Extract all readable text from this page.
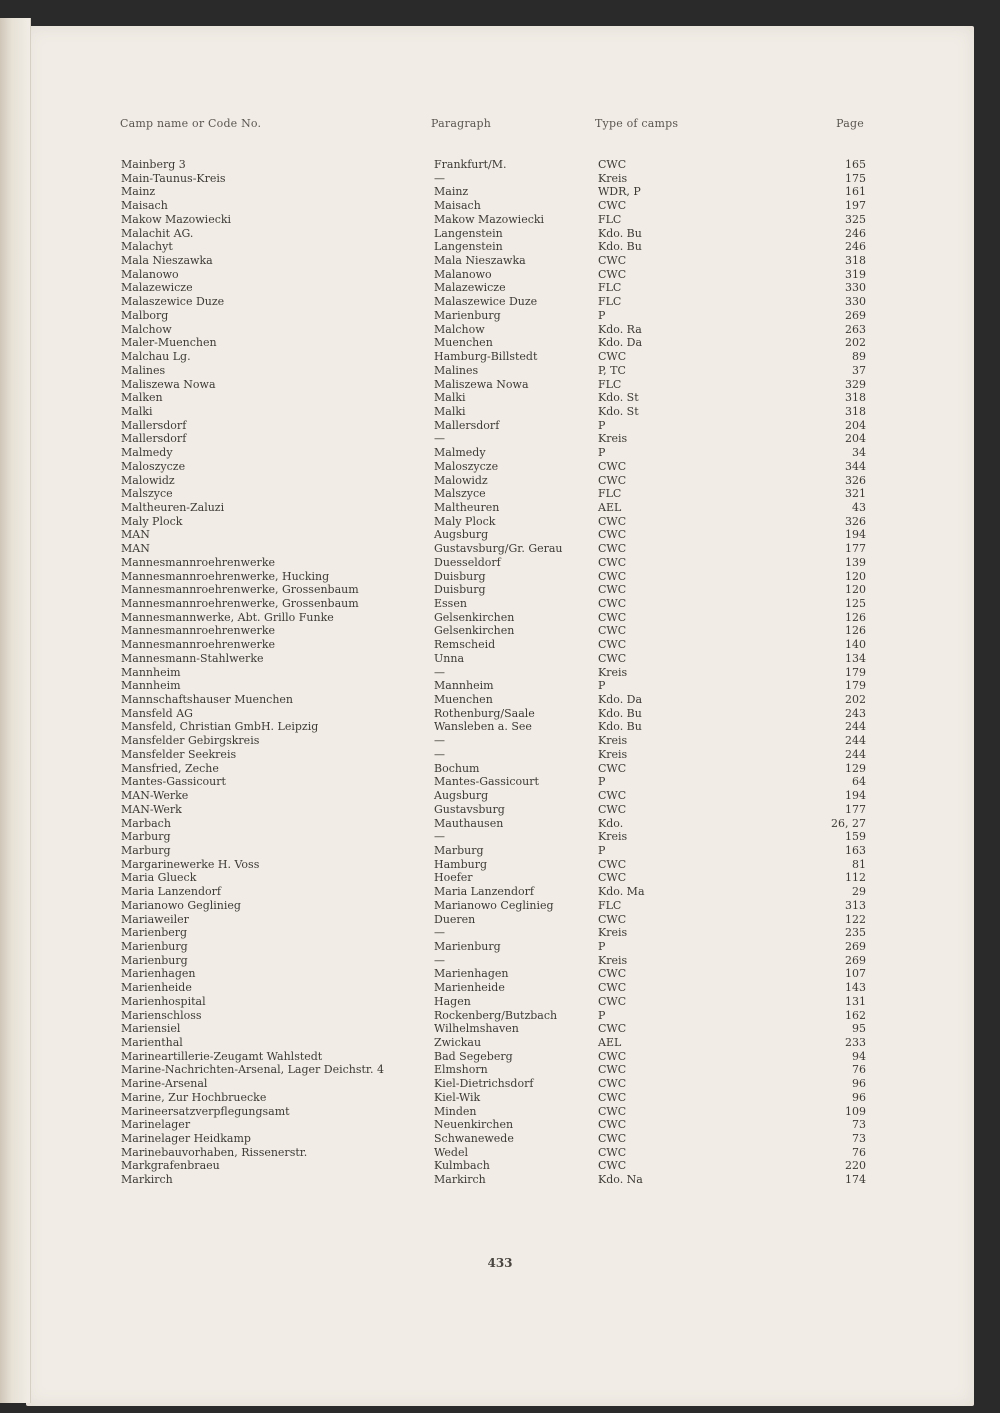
Camp name or Code No.	Paragraph	Type of camps	Page
Mainberg 3	Frankfurt/M.	CWC	165
Main-Taunus-Kreis	—	Kreis	175
Mainz	Mainz	WDR, P	161
Maisach	Maisach	CWC	197
Makow Mazowiecki	Makow Mazowiecki	FLC	325
Malachit AG.	Langenstein	Kdo. Bu	246
Malachyt	Langenstein	Kdo. Bu	246
Mala Nieszawka	Mala Nieszawka	CWC	318
Malanowo	Malanowo	CWC	319
Malazewicze	Malazewicze	FLC	330
Malaszewice Duze	Malaszewice Duze	FLC	330
Malborg	Marienburg	P	269
Malchow	Malchow	Kdo. Ra	263
Maler-Muenchen	Muenchen	Kdo. Da	202
Malchau Lg.	Hamburg-Billstedt	CWC	89
Malines	Malines	P, TC	37
Maliszewa Nowa	Maliszewa Nowa	FLC	329
Malken	Malki	Kdo. St	318
Malki	Malki	Kdo. St	318
Mallersdorf	Mallersdorf	P	204
Mallersdorf	—	Kreis	204
Malmedy	Malmedy	P	34
Maloszycze	Maloszycze	CWC	344
Malowidz	Malowidz	CWC	326
Malszyce	Malszyce	FLC	321
Maltheuren-Zaluzi	Maltheuren	AEL	43
Maly Plock	Maly Plock	CWC	326
MAN	Augsburg	CWC	194
MAN	Gustavsburg/Gr. Gerau	CWC	177
Mannesmannroehrenwerke	Duesseldorf	CWC	139
Mannesmannroehrenwerke, Hucking	Duisburg	CWC	120
Mannesmannroehrenwerke, Grossenbaum	Duisburg	CWC	120
Mannesmannroehrenwerke, Grossenbaum	Essen	CWC	125
Mannesmannwerke, Abt. Grillo Funke	Gelsenkirchen	CWC	126
Mannesmannroehrenwerke	Gelsenkirchen	CWC	126
Mannesmannroehrenwerke	Remscheid	CWC	140
Mannesmann-Stahlwerke	Unna	CWC	134
Mannheim	—	Kreis	179
Mannheim	Mannheim	P	179
Mannschaftshauser Muenchen	Muenchen	Kdo. Da	202
Mansfeld AG	Rothenburg/Saale	Kdo. Bu	243
Mansfeld, Christian GmbH. Leipzig	Wansleben a. See	Kdo. Bu	244
Mansfelder Gebirgskreis	—	Kreis	244
Mansfelder Seekreis	—	Kreis	244
Mansfried, Zeche	Bochum	CWC	129
Mantes-Gassicourt	Mantes-Gassicourt	P	64
MAN-Werke	Augsburg	CWC	194
MAN-Werk	Gustavsburg	CWC	177
Marbach	Mauthausen	Kdo.	26, 27
Marburg	—	Kreis	159
Marburg	Marburg	P	163
Margarinewerke H. Voss	Hamburg	CWC	81
Maria Glueck	Hoefer	CWC	112
Maria Lanzendorf	Maria Lanzendorf	Kdo. Ma	29
Marianowo Geglinieg	Marianowo Ceglinieg	FLC	313
Mariaweiler	Dueren	CWC	122
Marienberg	—	Kreis	235
Marienburg	Marienburg	P	269
Marienburg	—	Kreis	269
Marienhagen	Marienhagen	CWC	107
Marienheide	Marienheide	CWC	143
Marienhospital	Hagen	CWC	131
Marienschloss	Rockenberg/Butzbach	P	162
Mariensiel	Wilhelmshaven	CWC	95
Marienthal	Zwickau	AEL	233
Marineartillerie-Zeugamt Wahlstedt	Bad Segeberg	CWC	94
Marine-Nachrichten-Arsenal, Lager Deichstr. 4	Elmshorn	CWC	76
Marine-Arsenal	Kiel-Dietrichsdorf	CWC	96
Marine, Zur Hochbruecke	Kiel-Wik	CWC	96
Marineersatzverpflegungsamt	Minden	CWC	109
Marinelager	Neuenkirchen	CWC	73
Marinelager Heidkamp	Schwanewede	CWC	73
Marinebauvorhaben, Rissenerstr.	Wedel	CWC	76
Markgrafenbraeu	Kulmbach	CWC	220
Markirch	Markirch	Kdo. Na	174
433
